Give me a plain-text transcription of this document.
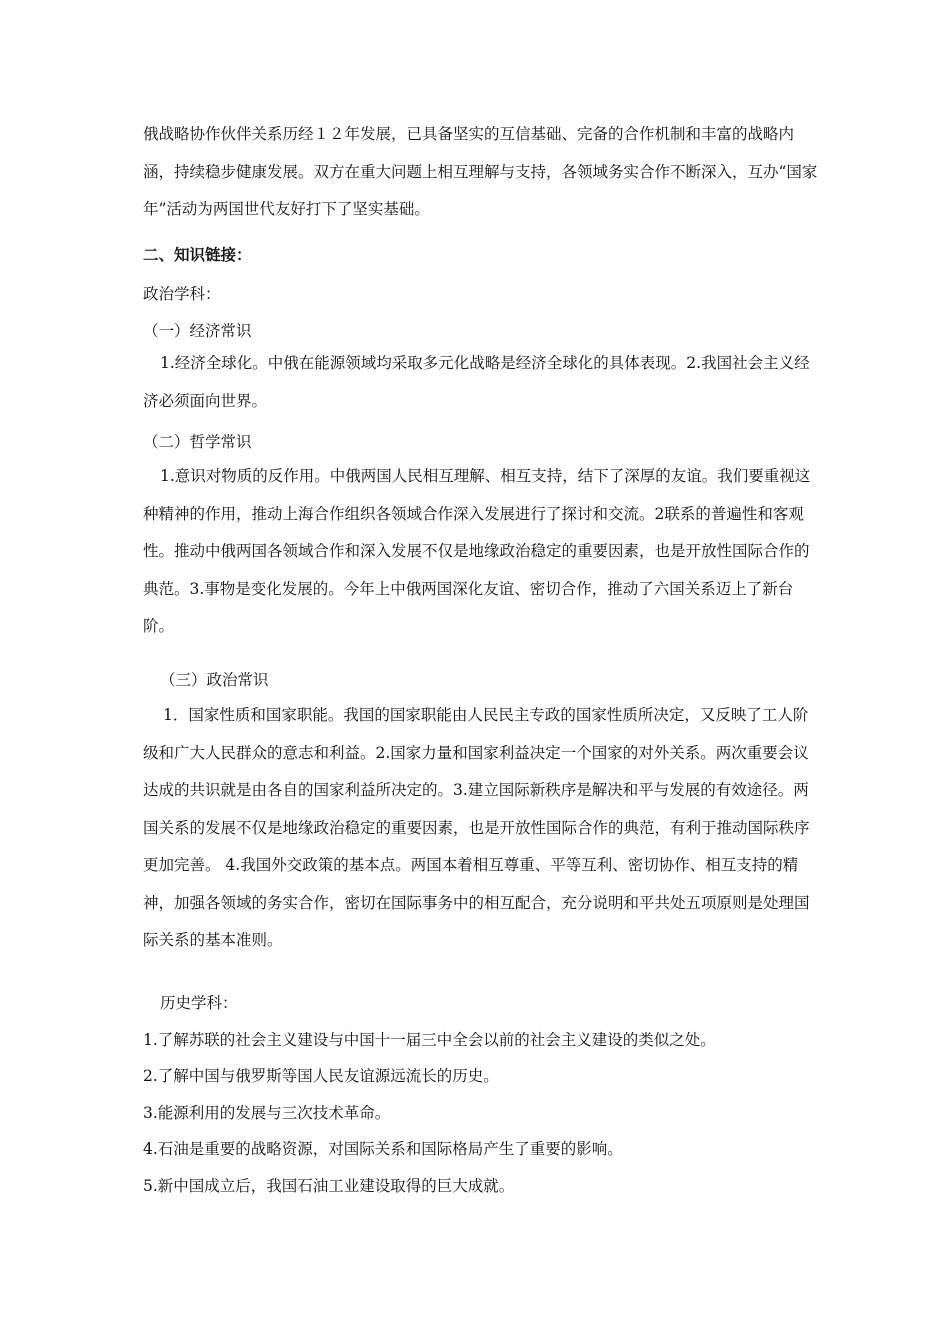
俄战略协作伙伴关系历经１２年发展，已具备坚实的互信基础、完备的合作机制和丰富的战略内涵，持续稳步健康发展。双方在重大问题上相互理解与支持，各领域务实合作不断深入，互办“国家年”活动为两国世代友好打下了坚实基础。

二、知识链接：

政治学科：

（一）经济常识

1.经济全球化。中俄在能源领域均采取多元化战略是经济全球化的具体表现。2.我国社会主义经济必须面向世界。

（二）哲学常识

1.意识对物质的反作用。中俄两国人民相互理解、相互支持，结下了深厚的友谊。我们要重视这种精神的作用，推动上海合作组织各领域合作深入发展进行了探讨和交流。2联系的普遍性和客观性。推动中俄两国各领域合作和深入发展不仅是地缘政治稳定的重要因素，也是开放性国际合作的典范。3.事物是变化发展的。今年上中俄两国深化友谊、密切合作，推动了六国关系迈上了新台阶。

（三）政治常识

1．国家性质和国家职能。我国的国家职能由人民民主专政的国家性质所决定，又反映了工人阶级和广大人民群众的意志和利益。2.国家力量和国家利益决定一个国家的对外关系。两次重要会议达成的共识就是由各自的国家利益所决定的。3.建立国际新秩序是解决和平与发展的有效途径。两国关系的发展不仅是地缘政治稳定的重要因素，也是开放性国际合作的典范，有利于推动国际秩序更加完善。 4.我国外交政策的基本点。两国本着相互尊重、平等互利、密切协作、相互支持的精神，加强各领域的务实合作，密切在国际事务中的相互配合，充分说明和平共处五项原则是处理国际关系的基本准则。

历史学科：

1.了解苏联的社会主义建设与中国十一届三中全会以前的社会主义建设的类似之处。

2.了解中国与俄罗斯等国人民友谊源远流长的历史。

3.能源利用的发展与三次技术革命。

4.石油是重要的战略资源，对国际关系和国际格局产生了重要的影响。

5.新中国成立后，我国石油工业建设取得的巨大成就。
